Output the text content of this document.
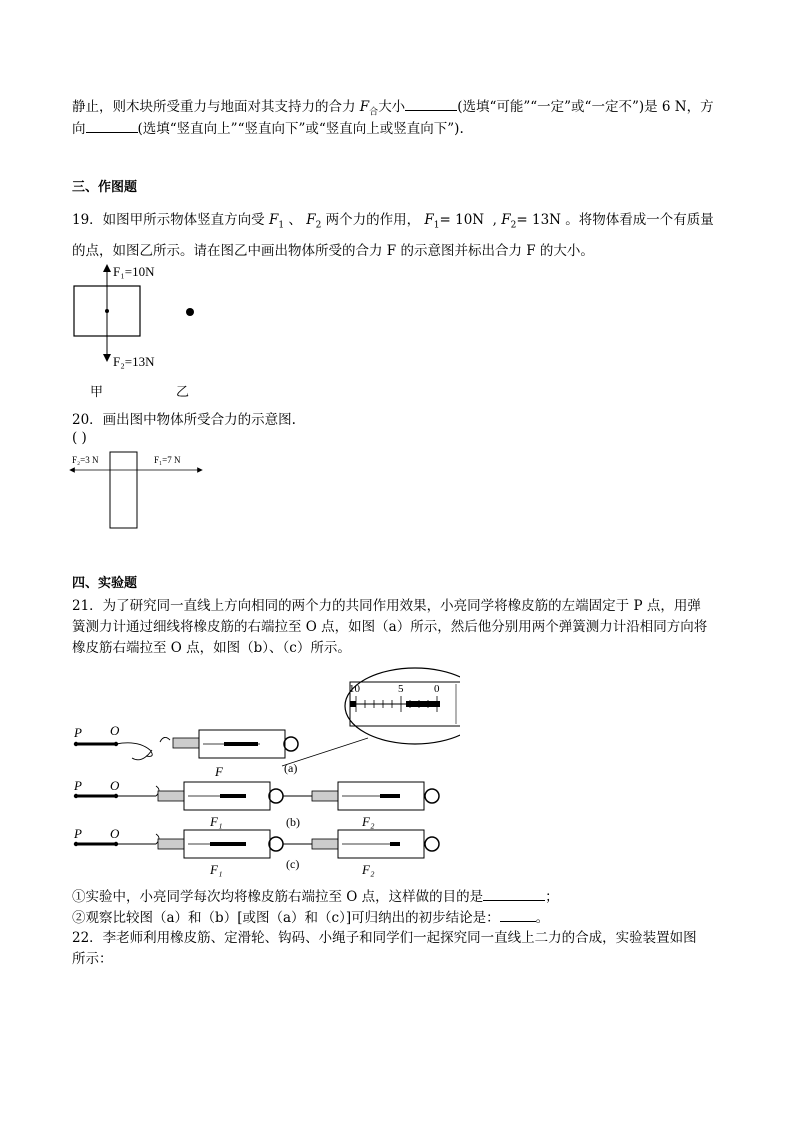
静止，则木块所受重力与地面对其支持力的合力 $F_合$大小	(选填“可能”“一定”或“一定不”)是 6 N，方
向	(选填“竖直向上”“竖直向下”或“竖直向上或竖直向下”).
三、作图题
19．如图甲所示物体竖直方向受 $F_1$ 、 $F_2$ 两个力的作用， $F_1= 10N$  , $F_2= 13N$ 。将物体看成一个有质量
的点，如图乙所示。请在图乙中画出物体所受的合力 F 的示意图并标出合力 F 的大小。
F₁=10N
F₂=13N
甲	乙
20．画出图中物体所受合力的示意图.
( )
F₂=3 N	F₁=7 N
四、实验题
21．为了研究同一直线上方向相同的两个力的共同作用效果，小亮同学将橡皮筋的左端固定于 P 点，用弹
簧测力计通过细线将橡皮筋的右端拉至 O 点，如图（a）所示，然后他分别用两个弹簧测力计沿相同方向将
橡皮筋右端拉至 O 点，如图（b）、（c）所示。
10	5	0
P O
F	(a)
P O
F₁	(b)	F₂
P O
F₁	(c)	F₂
①实验中，小亮同学每次均将橡皮筋右端拉至 O 点，这样做的目的是	；
②观察比较图（a）和（b）[或图（a）和（c）]可归纳出的初步结论是：	。
22．李老师利用橡皮筋、定滑轮、钩码、小绳子和同学们一起探究同一直线上二力的合成，实验装置如图
所示：
